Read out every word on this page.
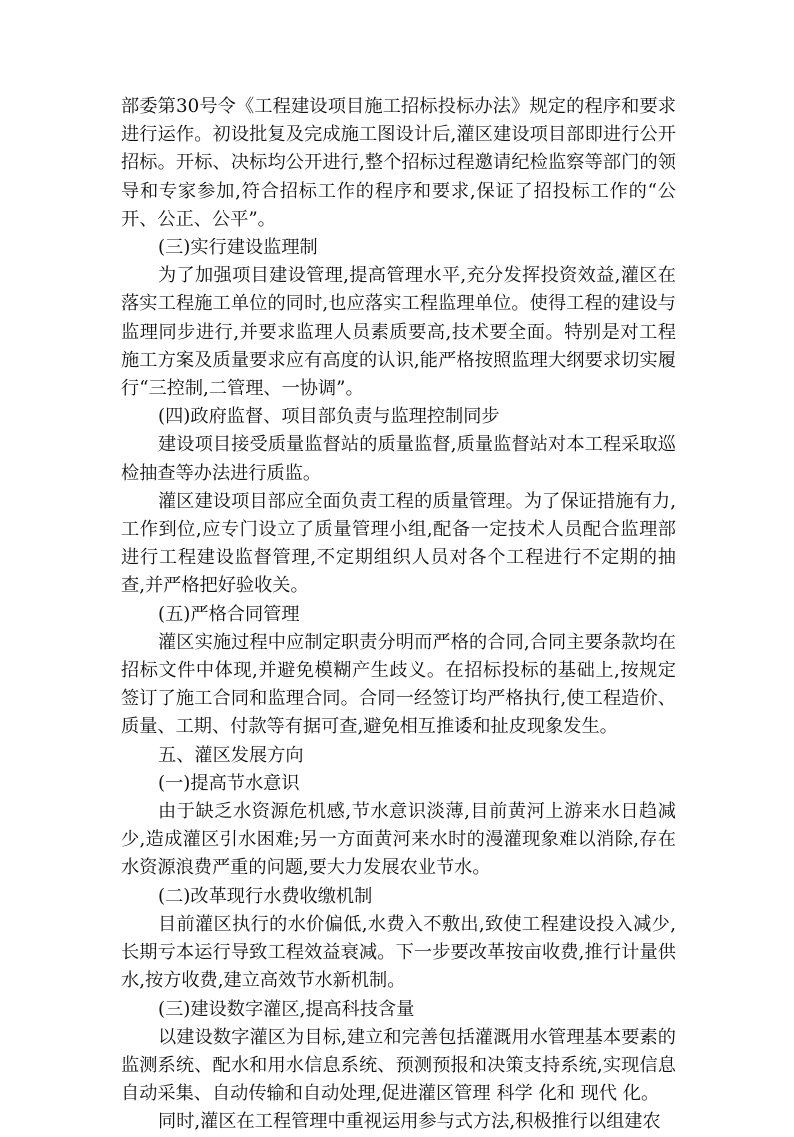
部委第30号令《工程建设项目施工招标投标办法》规定的程序和要求进行运作。初设批复及完成施工图设计后,灌区建设项目部即进行公开招标。开标、决标均公开进行,整个招标过程邀请纪检监察等部门的领导和专家参加,符合招标工作的程序和要求,保证了招投标工作的“公开、公正、公平”。

(三)实行建设监理制

为了加强项目建设管理,提高管理水平,充分发挥投资效益,灌区在落实工程施工单位的同时,也应落实工程监理单位。使得工程的建设与监理同步进行,并要求监理人员素质要高,技术要全面。特别是对工程施工方案及质量要求应有高度的认识,能严格按照监理大纲要求切实履行“三控制,二管理、一协调”。

(四)政府监督、项目部负责与监理控制同步

建设项目接受质量监督站的质量监督,质量监督站对本工程采取巡检抽查等办法进行质监。

灌区建设项目部应全面负责工程的质量管理。为了保证措施有力,工作到位,应专门设立了质量管理小组,配备一定技术人员配合监理部进行工程建设监督管理,不定期组织人员对各个工程进行不定期的抽查,并严格把好验收关。

(五)严格合同管理

灌区实施过程中应制定职责分明而严格的合同,合同主要条款均在招标文件中体现,并避免模糊产生歧义。在招标投标的基础上,按规定签订了施工合同和监理合同。合同一经签订均严格执行,使工程造价、质量、工期、付款等有据可查,避免相互推诿和扯皮现象发生。

五、灌区发展方向

(一)提高节水意识

由于缺乏水资源危机感,节水意识淡薄,目前黄河上游来水日趋减少,造成灌区引水困难;另一方面黄河来水时的漫灌现象难以消除,存在水资源浪费严重的问题,要大力发展农业节水。

(二)改革现行水费收缴机制

目前灌区执行的水价偏低,水费入不敷出,致使工程建设投入减少,长期亏本运行导致工程效益衰减。下一步要改革按亩收费,推行计量供水,按方收费,建立高效节水新机制。

(三)建设数字灌区,提高科技含量

以建设数字灌区为目标,建立和完善包括灌溉用水管理基本要素的监测系统、配水和用水信息系统、预测预报和决策支持系统,实现信息自动采集、自动传输和自动处理,促进灌区管理 科学 化和 现代 化。

同时,灌区在工程管理中重视运用参与式方法,积极推行以组建农
